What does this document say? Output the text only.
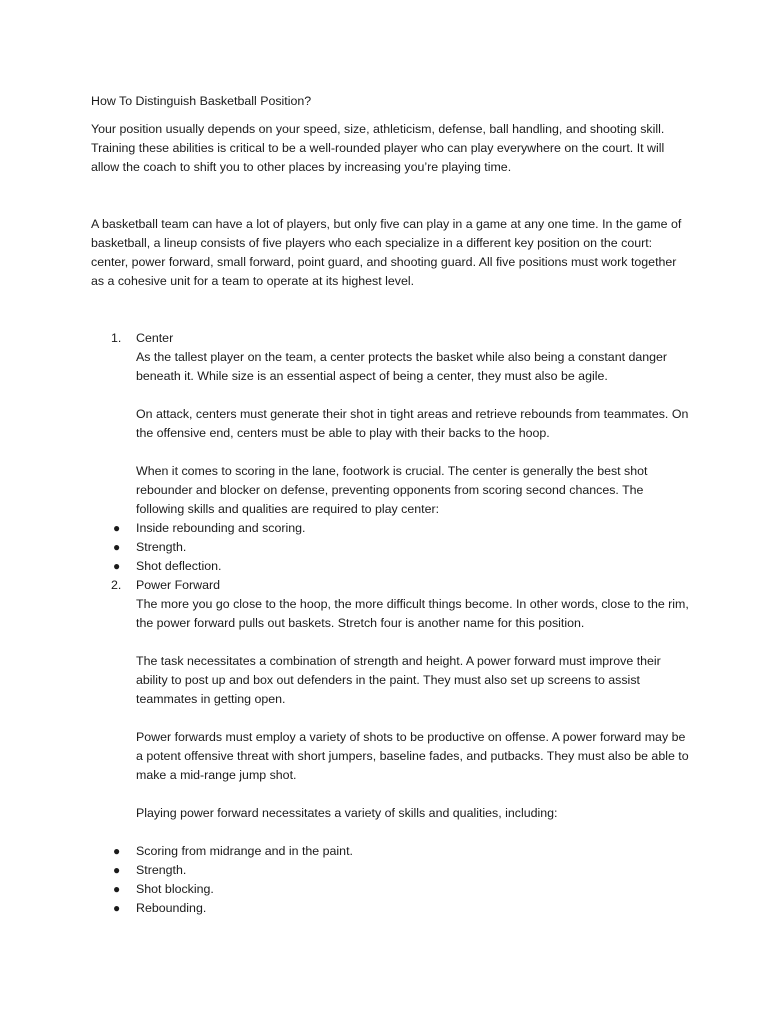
How To Distinguish Basketball Position?

Your position usually depends on your speed, size, athleticism, defense, ball handling, and shooting skill. Training these abilities is critical to be a well-rounded player who can play everywhere on the court. It will allow the coach to shift you to other places by increasing you’re playing time.

A basketball team can have a lot of players, but only five can play in a game at any one time. In the game of basketball, a lineup consists of five players who each specialize in a different key position on the court: center, power forward, small forward, point guard, and shooting guard. All five positions must work together as a cohesive unit for a team to operate at its highest level.

1. Center

As the tallest player on the team, a center protects the basket while also being a constant danger beneath it. While size is an essential aspect of being a center, they must also be agile.

On attack, centers must generate their shot in tight areas and retrieve rebounds from teammates. On the offensive end, centers must be able to play with their backs to the hoop.

When it comes to scoring in the lane, footwork is crucial. The center is generally the best shot rebounder and blocker on defense, preventing opponents from scoring second chances. The following skills and qualities are required to play center:

● Inside rebounding and scoring.
● Strength.
● Shot deflection.
2. Power Forward

The more you go close to the hoop, the more difficult things become. In other words, close to the rim, the power forward pulls out baskets. Stretch four is another name for this position.

The task necessitates a combination of strength and height. A power forward must improve their ability to post up and box out defenders in the paint. They must also set up screens to assist teammates in getting open.

Power forwards must employ a variety of shots to be productive on offense. A power forward may be a potent offensive threat with short jumpers, baseline fades, and putbacks. They must also be able to make a mid-range jump shot.

Playing power forward necessitates a variety of skills and qualities, including:

● Scoring from midrange and in the paint.
● Strength.
● Shot blocking.
● Rebounding.
